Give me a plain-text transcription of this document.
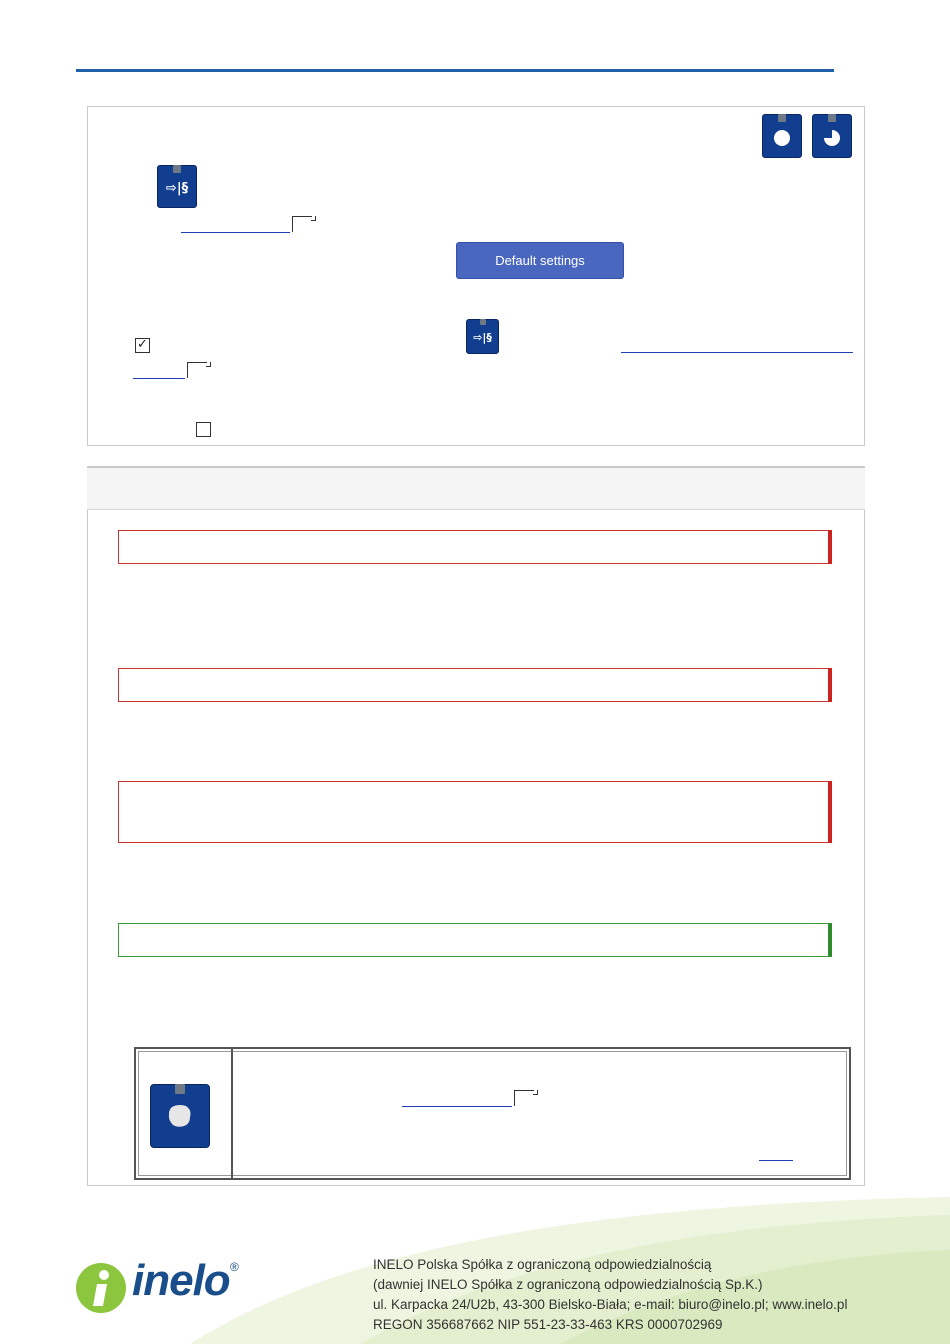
⇨|§
Default settings
✓	⇨|§
inelo ®	INELO Polska Spółka z ograniczoną odpowiedzialnością
(dawniej INELO Spółka z ograniczoną odpowiedzialnością Sp.K.)
ul. Karpacka 24/U2b, 43-300 Bielsko-Biała; e-mail: biuro@inelo.pl; www.inelo.pl
REGON 356687662 NIP 551-23-33-463 KRS 0000702969
